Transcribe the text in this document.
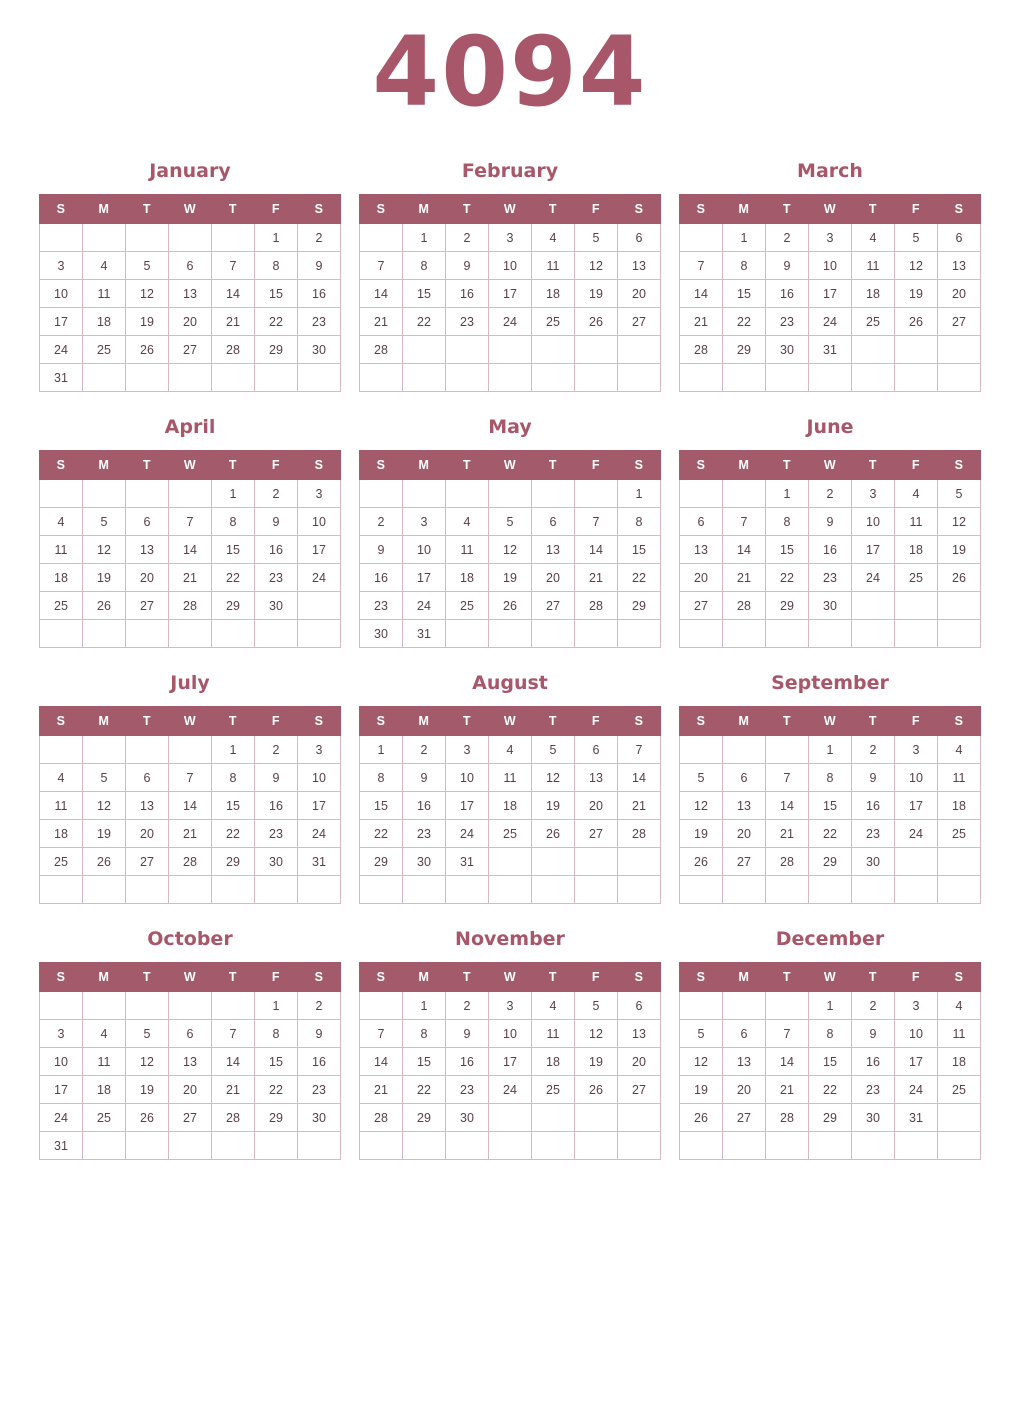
4094
January
S	M	T	W	T	F	S
					1	2
3	4	5	6	7	8	9
10	11	12	13	14	15	16
17	18	19	20	21	22	23
24	25	26	27	28	29	30
31						
February
S	M	T	W	T	F	S
	1	2	3	4	5	6
7	8	9	10	11	12	13
14	15	16	17	18	19	20
21	22	23	24	25	26	27
28						

March
S	M	T	W	T	F	S
	1	2	3	4	5	6
7	8	9	10	11	12	13
14	15	16	17	18	19	20
21	22	23	24	25	26	27
28	29	30	31			

April
S	M	T	W	T	F	S
				1	2	3
4	5	6	7	8	9	10
11	12	13	14	15	16	17
18	19	20	21	22	23	24
25	26	27	28	29	30	

May
S	M	T	W	T	F	S
						1
2	3	4	5	6	7	8
9	10	11	12	13	14	15
16	17	18	19	20	21	22
23	24	25	26	27	28	29
30	31					
June
S	M	T	W	T	F	S
		1	2	3	4	5
6	7	8	9	10	11	12
13	14	15	16	17	18	19
20	21	22	23	24	25	26
27	28	29	30			

July
S	M	T	W	T	F	S
				1	2	3
4	5	6	7	8	9	10
11	12	13	14	15	16	17
18	19	20	21	22	23	24
25	26	27	28	29	30	31

August
S	M	T	W	T	F	S
1	2	3	4	5	6	7
8	9	10	11	12	13	14
15	16	17	18	19	20	21
22	23	24	25	26	27	28
29	30	31				

September
S	M	T	W	T	F	S
			1	2	3	4
5	6	7	8	9	10	11
12	13	14	15	16	17	18
19	20	21	22	23	24	25
26	27	28	29	30		

October
S	M	T	W	T	F	S
					1	2
3	4	5	6	7	8	9
10	11	12	13	14	15	16
17	18	19	20	21	22	23
24	25	26	27	28	29	30
31						
November
S	M	T	W	T	F	S
	1	2	3	4	5	6
7	8	9	10	11	12	13
14	15	16	17	18	19	20
21	22	23	24	25	26	27
28	29	30				

December
S	M	T	W	T	F	S
			1	2	3	4
5	6	7	8	9	10	11
12	13	14	15	16	17	18
19	20	21	22	23	24	25
26	27	28	29	30	31	
